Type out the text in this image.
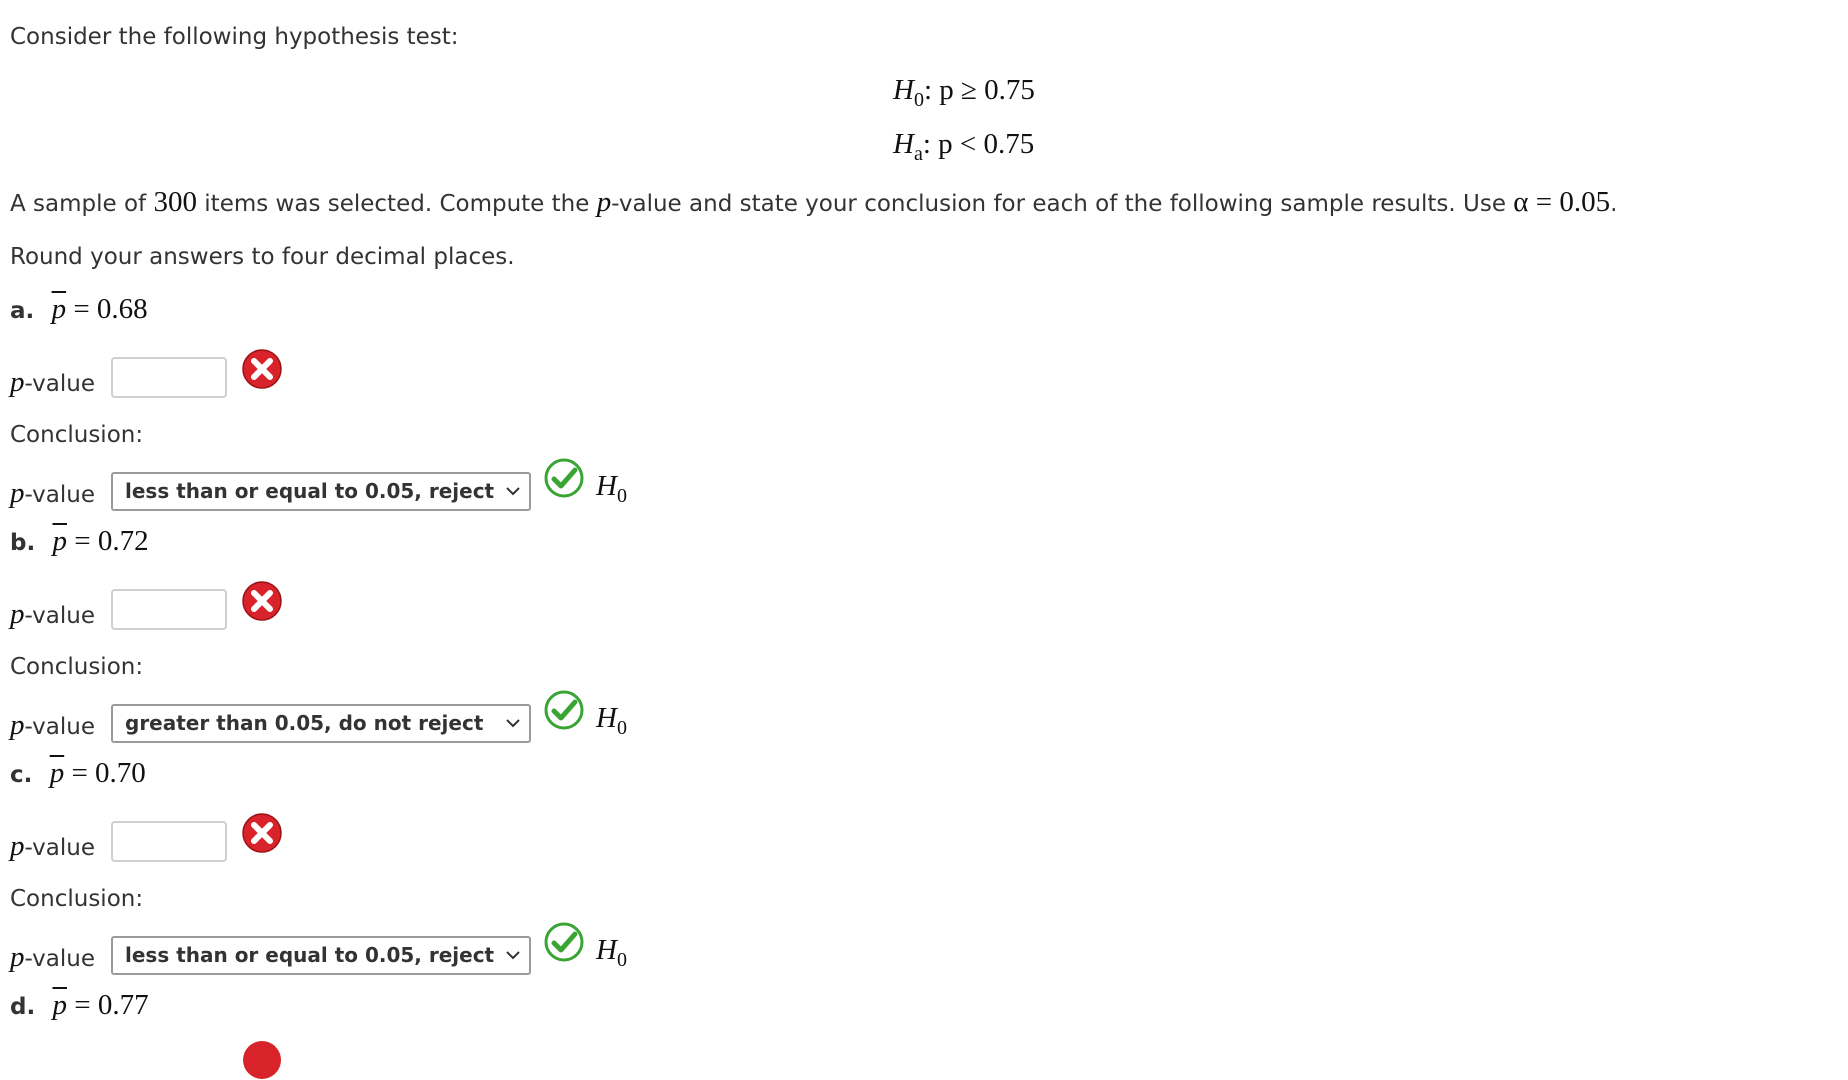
Consider the following hypothesis test:
$H_0$: p ≥ 0.75
$H_a$: p < 0.75
A sample of 300 items was selected. Compute the p-value and state your conclusion for each of the following sample results. Use α = 0.05.
Round your answers to four decimal places.
a. $\overline{p} = 0.68$
p-value
Conclusion:
p-value	less than or equal to 0.05, reject	$H_0$
b. $\overline{p} = 0.72$
p-value
Conclusion:
p-value	greater than 0.05, do not reject	$H_0$
c. $\overline{p} = 0.70$
p-value
Conclusion:
p-value	less than or equal to 0.05, reject	$H_0$
d. $\overline{p} = 0.77$
